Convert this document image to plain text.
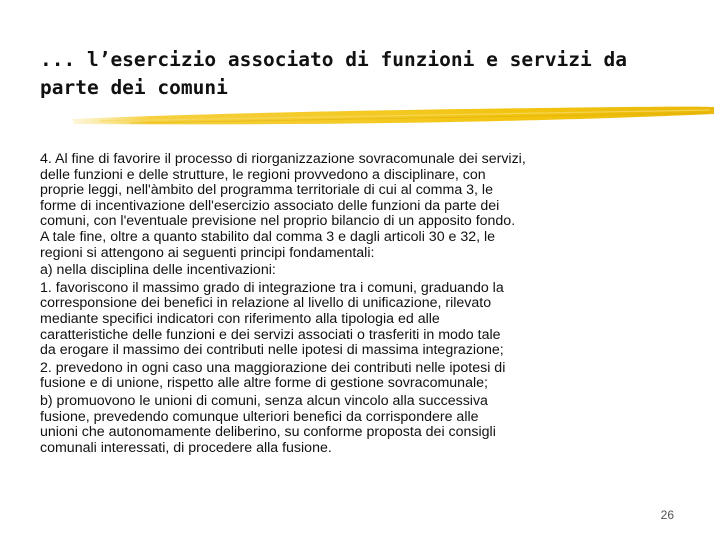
... l’esercizio associato di funzioni e servizi da
parte dei comuni
4. Al fine di favorire il processo di riorganizzazione sovracomunale dei servizi,
delle funzioni e delle strutture, le regioni provvedono a disciplinare, con
proprie leggi, nell'àmbito del programma territoriale di cui al comma 3, le
forme di incentivazione dell'esercizio associato delle funzioni da parte dei
comuni, con l'eventuale previsione nel proprio bilancio di un apposito fondo.
A tale fine, oltre a quanto stabilito dal comma 3 e dagli articoli 30 e 32, le
regioni si attengono ai seguenti principi fondamentali:
a) nella disciplina delle incentivazioni:
1. favoriscono il massimo grado di integrazione tra i comuni, graduando la
corresponsione dei benefici in relazione al livello di unificazione, rilevato
mediante specifici indicatori con riferimento alla tipologia ed alle
caratteristiche delle funzioni e dei servizi associati o trasferiti in modo tale
da erogare il massimo dei contributi nelle ipotesi di massima integrazione;
2. prevedono in ogni caso una maggiorazione dei contributi nelle ipotesi di
fusione e di unione, rispetto alle altre forme di gestione sovracomunale;
b) promuovono le unioni di comuni, senza alcun vincolo alla successiva
fusione, prevedendo comunque ulteriori benefici da corrispondere alle
unioni che autonomamente deliberino, su conforme proposta dei consigli
comunali interessati, di procedere alla fusione.
26
